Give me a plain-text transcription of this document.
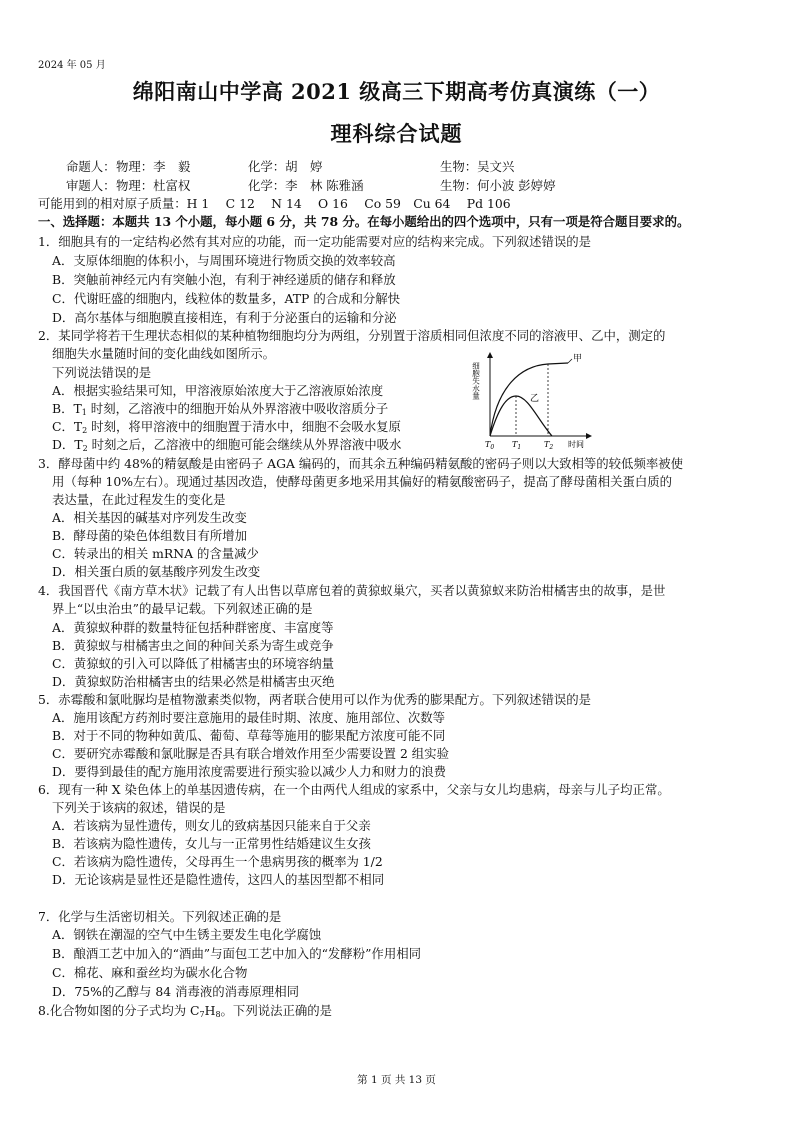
2024 年 05 月
绵阳南山中学高 2021 级高三下期高考仿真演练（一）
理科综合试题
命题人： 物理：李　毅	化学：胡　婷	生物：吴文兴
审题人： 物理：杜富权	化学：李　林 陈雅涵	生物：何小波 彭婷婷
可能用到的相对原子质量：H 1　 C 12　 N 14　 O 16　 Co 59　Cu 64　 Pd 106
一、选择题：本题共 13 个小题，每小题 6 分，共 78 分。在每小题给出的四个选项中，只有一项是符合题目要求的。
1．细胞具有的一定结构必然有其对应的功能，而一定功能需要对应的结构来完成。下列叙述错误的是
A．支原体细胞的体积小，与周围环境进行物质交换的效率较高
B．突触前神经元内有突触小泡，有利于神经递质的储存和释放
C．代谢旺盛的细胞内，线粒体的数量多，ATP 的合成和分解快
D．高尔基体与细胞膜直接相连，有利于分泌蛋白的运输和分泌
2．某同学将若干生理状态相似的某种植物细胞均分为两组，分别置于溶质相同但浓度不同的溶液甲、乙中，测定的
细胞失水量随时间的变化曲线如图所示。
下列说法错误的是
A．根据实验结果可知，甲溶液原始浓度大于乙溶液原始浓度
B．$T_1$ 时刻，乙溶液中的细胞开始从外界溶液中吸收溶质分子
C．$T_2$ 时刻，将甲溶液中的细胞置于清水中，细胞不会吸水复原
D．$T_2$ 时刻之后，乙溶液中的细胞可能会继续从外界溶液中吸水
甲
乙
细胞失水量
时间
$T_0$ $T_1$	$T_2$
3．酵母菌中约 48%的精氨酸是由密码子 AGA 编码的，而其余五种编码精氨酸的密码子则以大致相等的较低频率被使
用（每种 10%左右）。现通过基因改造，使酵母菌更多地采用其偏好的精氨酸密码子，提高了酵母菌相关蛋白质的
表达量，在此过程发生的变化是
A．相关基因的碱基对序列发生改变
B．酵母菌的染色体组数目有所增加
C．转录出的相关 mRNA 的含量减少
D．相关蛋白质的氨基酸序列发生改变
4．我国晋代《南方草木状》记载了有人出售以草席包着的黄猄蚁巢穴，买者以黄猄蚁来防治柑橘害虫的故事，是世
界上“以虫治虫”的最早记载。下列叙述正确的是
A．黄猄蚁种群的数量特征包括种群密度、丰富度等
B．黄猄蚁与柑橘害虫之间的种间关系为寄生或竞争
C．黄猄蚁的引入可以降低了柑橘害虫的环境容纳量
D．黄猄蚁防治柑橘害虫的结果必然是柑橘害虫灭绝
5．赤霉酸和氯吡脲均是植物激素类似物，两者联合使用可以作为优秀的膨果配方。下列叙述错误的是
A．施用该配方药剂时要注意施用的最佳时期、浓度、施用部位、次数等
B．对于不同的物种如黄瓜、葡萄、草莓等施用的膨果配方浓度可能不同
C．要研究赤霉酸和氯吡脲是否具有联合增效作用至少需要设置 2 组实验
D．要得到最佳的配方施用浓度需要进行预实验以减少人力和财力的浪费
6．现有一种 X 染色体上的单基因遗传病，在一个由两代人组成的家系中，父亲与女儿均患病，母亲与儿子均正常。
下列关于该病的叙述，错误的是
A．若该病为显性遗传，则女儿的致病基因只能来自于父亲
B．若该病为隐性遗传，女儿与一正常男性结婚建议生女孩
C．若该病为隐性遗传，父母再生一个患病男孩的概率为 1/2
D．无论该病是显性还是隐性遗传，这四人的基因型都不相同
7．化学与生活密切相关。下列叙述正确的是
A．钢铁在潮湿的空气中生锈主要发生电化学腐蚀
B．酿酒工艺中加入的“酒曲”与面包工艺中加入的“发酵粉”作用相同
C．棉花、麻和蚕丝均为碳水化合物
D．75%的乙醇与 84 消毒液的消毒原理相同
8.化合物如图的分子式均为 $C_7H_8$。下列说法正确的是
第 1 页 共 13 页
